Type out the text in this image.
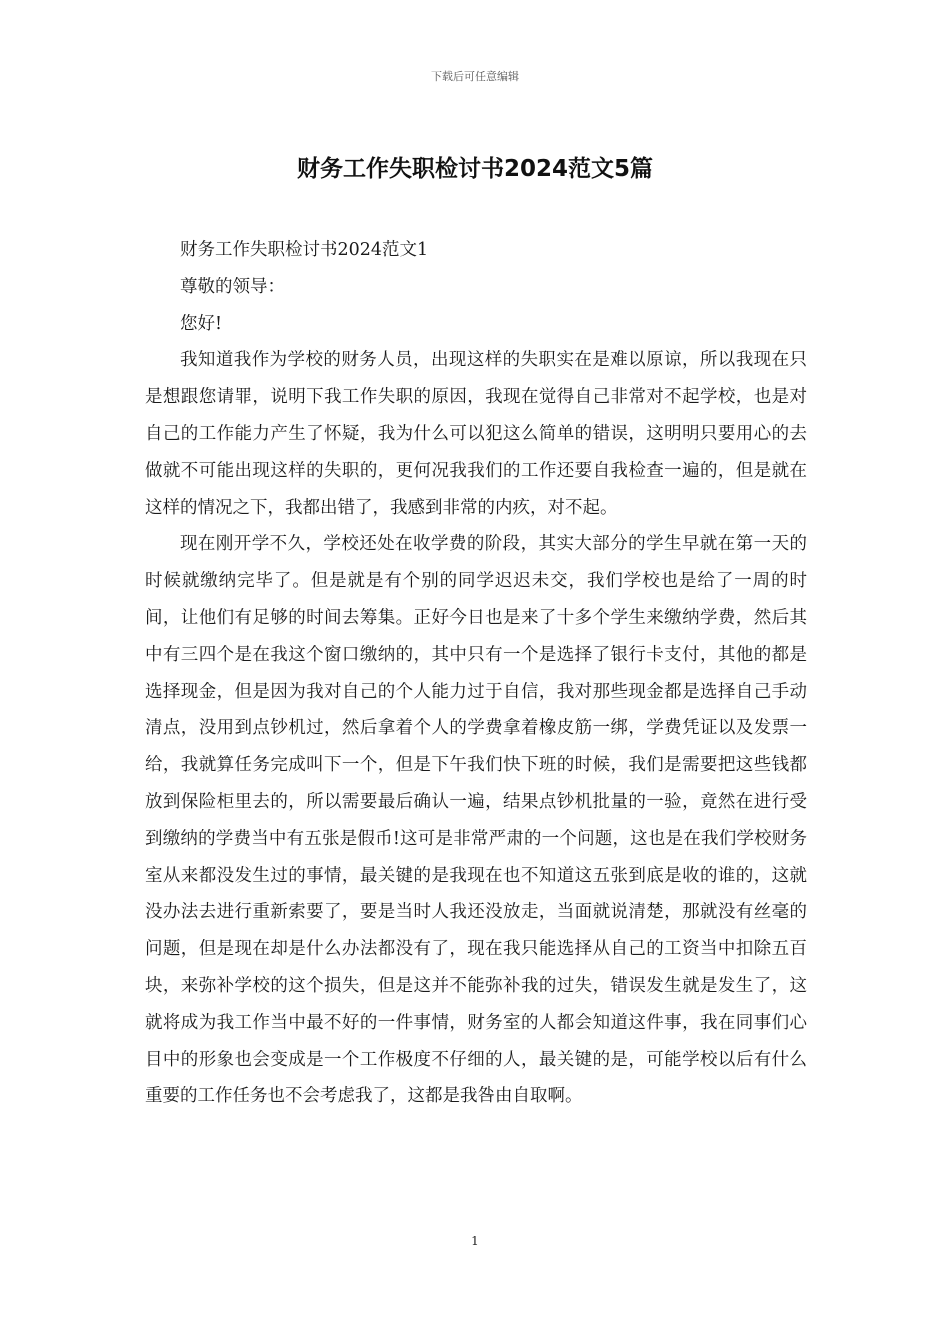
下载后可任意编辑
财务工作失职检讨书2024范文5篇

财务工作失职检讨书2024范文1

尊敬的领导：

您好!

我知道我作为学校的财务人员，出现这样的失职实在是难以原谅，所以我现在只是想跟您请罪，说明下我工作失职的原因，我现在觉得自己非常对不起学校，也是对自己的工作能力产生了怀疑，我为什么可以犯这么简单的错误，这明明只要用心的去做就不可能出现这样的失职的，更何况我我们的工作还要自我检查一遍的，但是就在这样的情况之下，我都出错了，我感到非常的内疚，对不起。

现在刚开学不久，学校还处在收学费的阶段，其实大部分的学生早就在第一天的时候就缴纳完毕了。但是就是有个别的同学迟迟未交，我们学校也是给了一周的时间，让他们有足够的时间去筹集。正好今日也是来了十多个学生来缴纳学费，然后其中有三四个是在我这个窗口缴纳的，其中只有一个是选择了银行卡支付，其他的都是选择现金，但是因为我对自己的个人能力过于自信，我对那些现金都是选择自己手动清点，没用到点钞机过，然后拿着个人的学费拿着橡皮筋一绑，学费凭证以及发票一给，我就算任务完成叫下一个，但是下午我们快下班的时候，我们是需要把这些钱都放到保险柜里去的，所以需要最后确认一遍，结果点钞机批量的一验，竟然在进行受到缴纳的学费当中有五张是假币!这可是非常严肃的一个问题，这也是在我们学校财务室从来都没发生过的事情，最关键的是我现在也不知道这五张到底是收的谁的，这就没办法去进行重新索要了，要是当时人我还没放走，当面就说清楚，那就没有丝毫的问题，但是现在却是什么办法都没有了，现在我只能选择从自己的工资当中扣除五百块，来弥补学校的这个损失，但是这并不能弥补我的过失，错误发生就是发生了，这就将成为我工作当中最不好的一件事情，财务室的人都会知道这件事，我在同事们心目中的形象也会变成是一个工作极度不仔细的人，最关键的是，可能学校以后有什么重要的工作任务也不会考虑我了，这都是我咎由自取啊。

1
